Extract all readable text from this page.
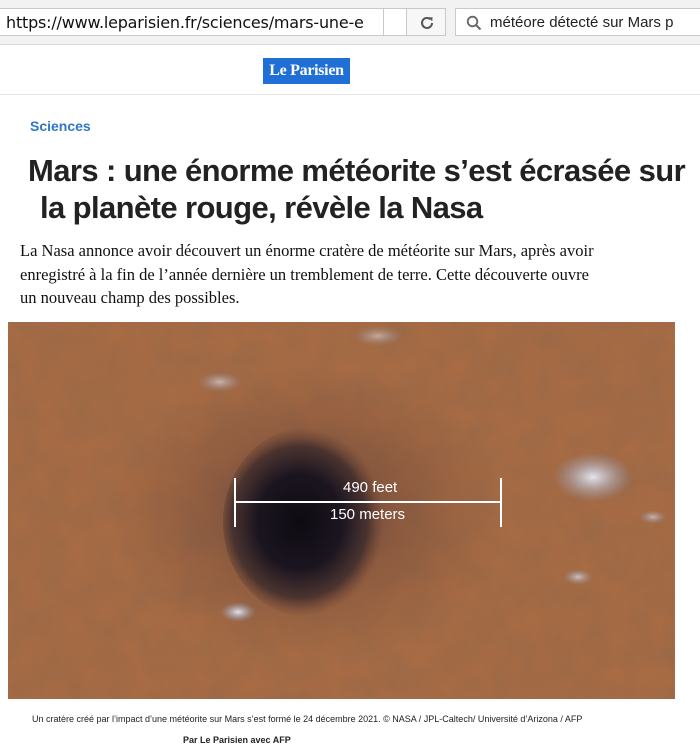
https://www.leparisien.fr/sciences/mars-une-e	météore détecté sur Mars p
Le Parisien
Sciences
Mars : une énorme météorite s’est écrasée sur
la planète rouge, révèle la Nasa
La Nasa annonce avoir découvert un énorme cratère de météorite sur Mars, après avoir
enregistré à la fin de l’année dernière un tremblement de terre. Cette découverte ouvre
un nouveau champ des possibles.
490 feet
150 meters
Un cratère créé par l’impact d’une météorite sur Mars s’est formé le 24 décembre 2021. © NASA / JPL-Caltech/ Université d’Arizona / AFP
Par Le Parisien avec AFP
